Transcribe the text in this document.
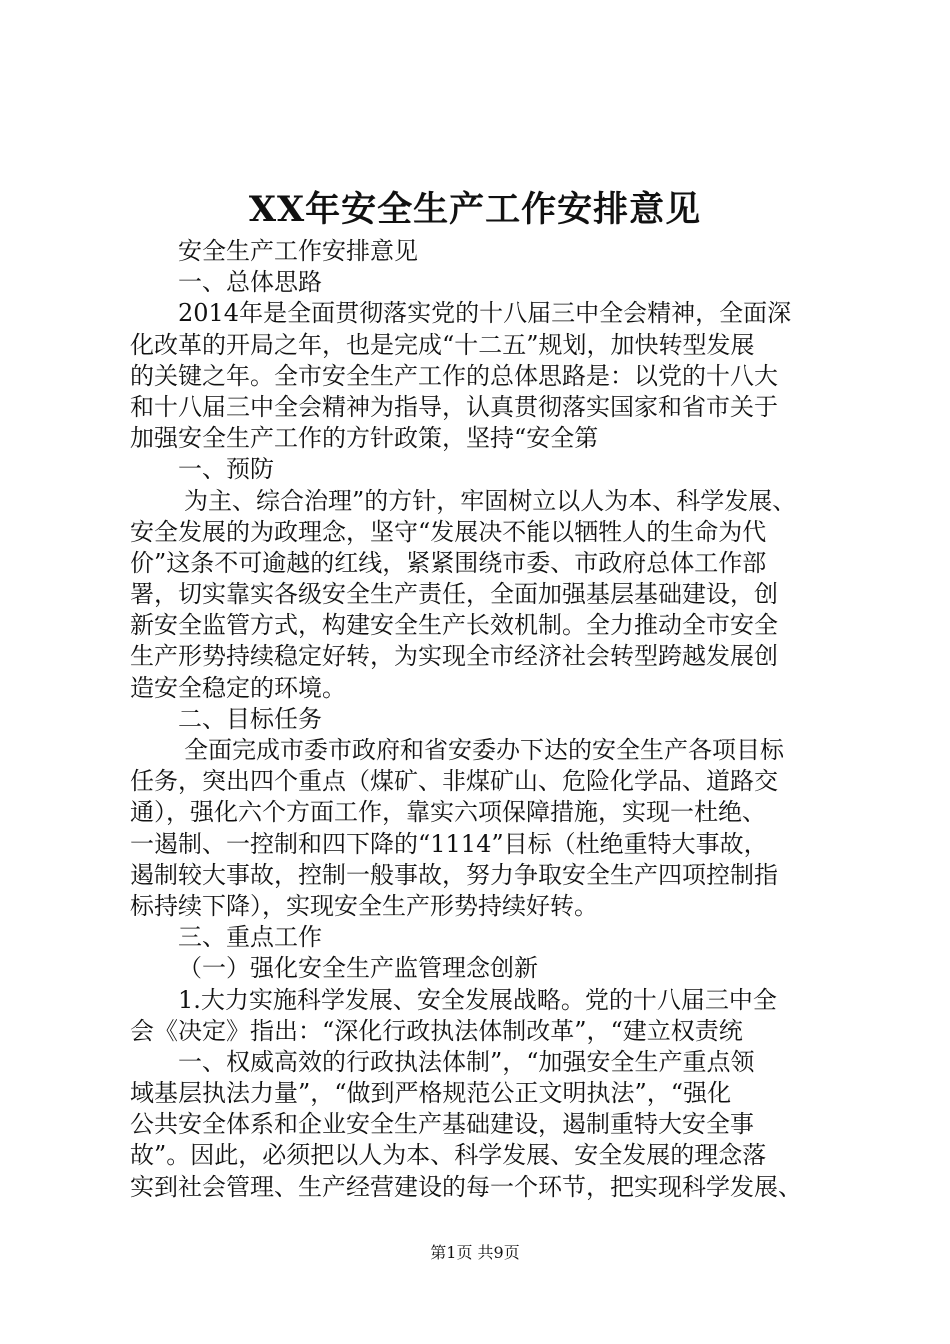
XX年安全生产工作安排意见
安全生产工作安排意见
一、总体思路
2014年是全面贯彻落实党的十八届三中全会精神，全面深
化改革的开局之年，也是完成“十二五”规划，加快转型发展
的关键之年。全市安全生产工作的总体思路是：以党的十八大
和十八届三中全会精神为指导，认真贯彻落实国家和省市关于
加强安全生产工作的方针政策，坚持“安全第
一、预防
为主、综合治理”的方针，牢固树立以人为本、科学发展、
安全发展的为政理念，坚守“发展决不能以牺牲人的生命为代
价”这条不可逾越的红线，紧紧围绕市委、市政府总体工作部
署，切实靠实各级安全生产责任，全面加强基层基础建设，创
新安全监管方式，构建安全生产长效机制。全力推动全市安全
生产形势持续稳定好转，为实现全市经济社会转型跨越发展创
造安全稳定的环境。
二、目标任务
全面完成市委市政府和省安委办下达的安全生产各项目标
任务，突出四个重点（煤矿、非煤矿山、危险化学品、道路交
通），强化六个方面工作，靠实六项保障措施，实现一杜绝、
一遏制、一控制和四下降的“1114”目标（杜绝重特大事故，
遏制较大事故，控制一般事故，努力争取安全生产四项控制指
标持续下降），实现安全生产形势持续好转。
三、重点工作
（一）强化安全生产监管理念创新
1.大力实施科学发展、安全发展战略。党的十八届三中全
会《决定》指出：“深化行政执法体制改革”，“建立权责统
一、权威高效的行政执法体制”，“加强安全生产重点领
域基层执法力量”，“做到严格规范公正文明执法”，“强化
公共安全体系和企业安全生产基础建设，遏制重特大安全事
故”。因此，必须把以人为本、科学发展、安全发展的理念落
实到社会管理、生产经营建设的每一个环节，把实现科学发展、
第1页 共9页
